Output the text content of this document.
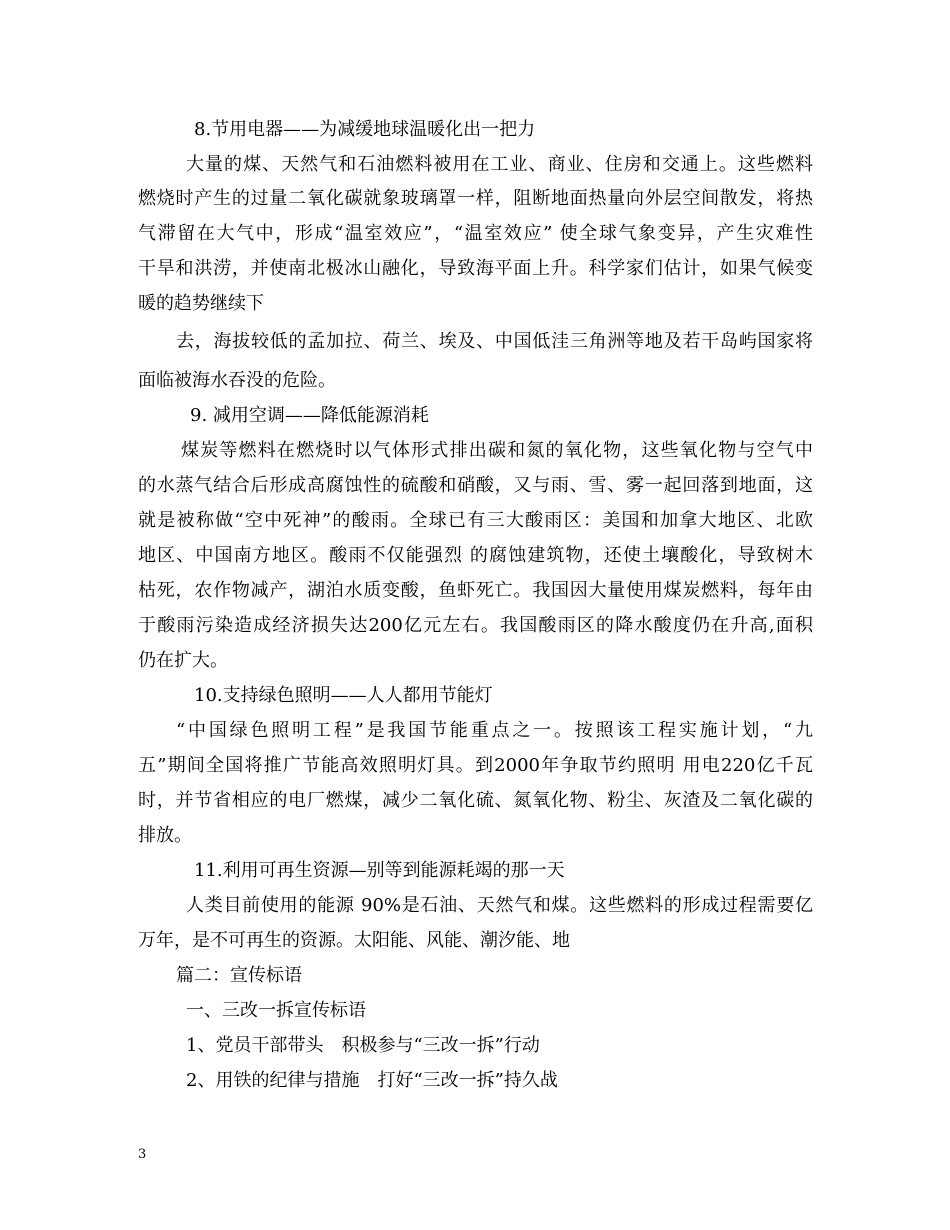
8.节用电器——为减缓地球温暖化出一把力
大量的煤、天然气和石油燃料被用在工业、商业、住房和交通上。这些燃料
燃烧时产生的过量二氧化碳就象玻璃罩一样，阻断地面热量向外层空间散发，将热
气滞留在大气中，形成“温室效应”，“温室效应” 使全球气象变异，产生灾难性
干旱和洪涝，并使南北极冰山融化，导致海平面上升。科学家们估计，如果气候变
暖的趋势继续下
去，海拔较低的孟加拉、荷兰、埃及、中国低洼三角洲等地及若干岛屿国家将
面临被海水吞没的危险。
9. 减用空调——降低能源消耗
煤炭等燃料在燃烧时以气体形式排出碳和氮的氧化物，这些氧化物与空气中
的水蒸气结合后形成高腐蚀性的硫酸和硝酸，又与雨、雪、雾一起回落到地面，这
就是被称做“空中死神”的酸雨。全球已有三大酸雨区：美国和加拿大地区、北欧
地区、中国南方地区。酸雨不仅能强烈 的腐蚀建筑物，还使土壤酸化，导致树木
枯死，农作物减产，湖泊水质变酸，鱼虾死亡。我国因大量使用煤炭燃料，每年由
于酸雨污染造成经济损失达200亿元左右。我国酸雨区的降水酸度仍在升高,面积
仍在扩大。
10.支持绿色照明——人人都用节能灯
“中国绿色照明工程”是我国节能重点之一。按照该工程实施计划，“九
五”期间全国将推广节能高效照明灯具。到2000年争取节约照明 用电220亿千瓦
时，并节省相应的电厂燃煤，减少二氧化硫、氮氧化物、粉尘、灰渣及二氧化碳的
排放。
11.利用可再生资源—别等到能源耗竭的那一天
人类目前使用的能源 90%是石油、天然气和煤。这些燃料的形成过程需要亿
万年，是不可再生的资源。太阳能、风能、潮汐能、地
篇二：宣传标语
一、三改一拆宣传标语
1、党员干部带头　积极参与“三改一拆”行动
2、用铁的纪律与措施　打好“三改一拆”持久战
3
